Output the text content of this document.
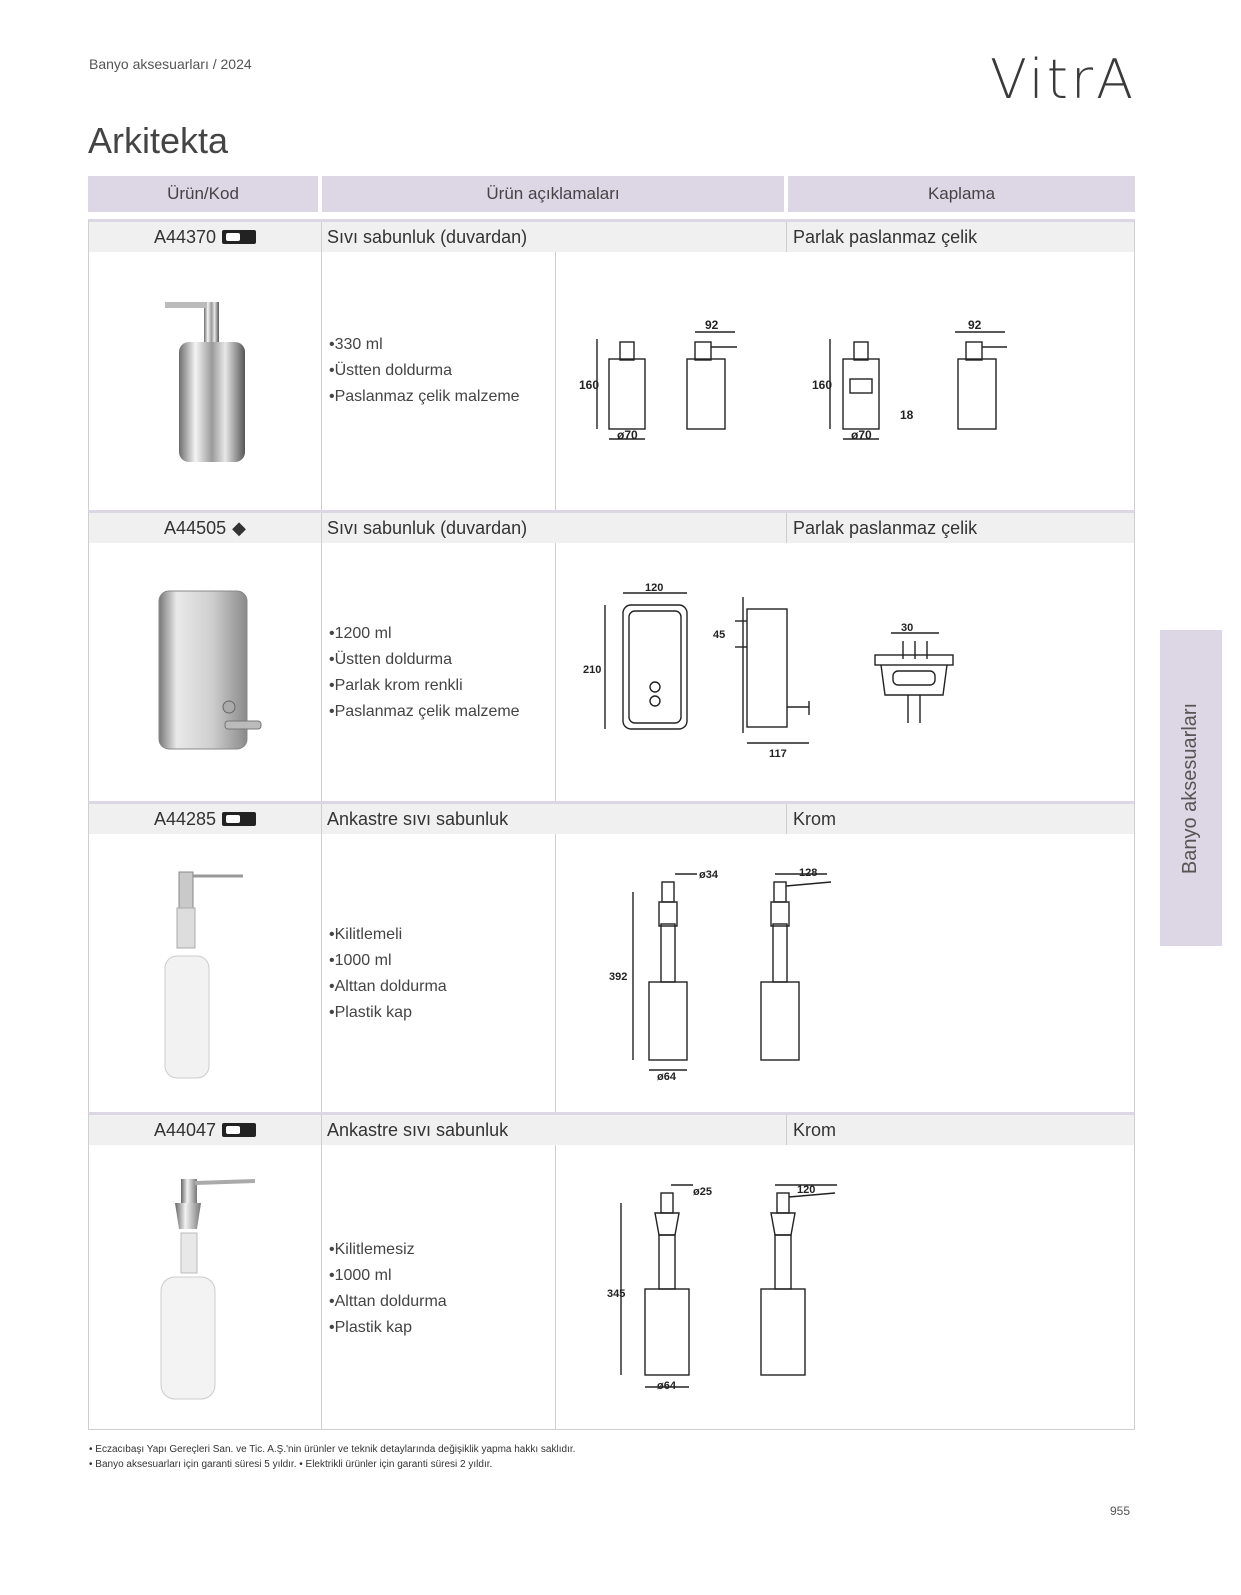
Banyo aksesuarları / 2024	VitrA
Arkitekta
Ürün/Kod	Ürün açıklamaları	Kaplama
Banyo aksesuarları
A44370	Sıvı sabunluk (duvardan)	Parlak paslanmaz çelik
• 330 ml
• Üstten doldurma
• Paslanmaz çelik malzeme
160
ø70
92
160
ø70
92
18
A44505 ◆	Sıvı sabunluk (duvardan)	Parlak paslanmaz çelik
• 1200 ml
• Üstten doldurma
• Parlak krom renkli
• Paslanmaz çelik malzeme
120
210
45
117
30
A44285	Ankastre sıvı sabunluk	Krom
• Kilitlemeli
• 1000 ml
• Alttan doldurma
• Plastik kap
392
ø34
ø64
128
A44047	Ankastre sıvı sabunluk	Krom
• Kilitlemesiz
• 1000 ml
• Alttan doldurma
• Plastik kap
345
ø25
ø64
120
• Eczacıbaşı Yapı Gereçleri San. ve Tic. A.Ş.'nin ürünler ve teknik detaylarında değişiklik yapma hakkı saklıdır.
• Banyo aksesuarları için garanti süresi 5 yıldır. • Elektrikli ürünler için garanti süresi 2 yıldır.
955
